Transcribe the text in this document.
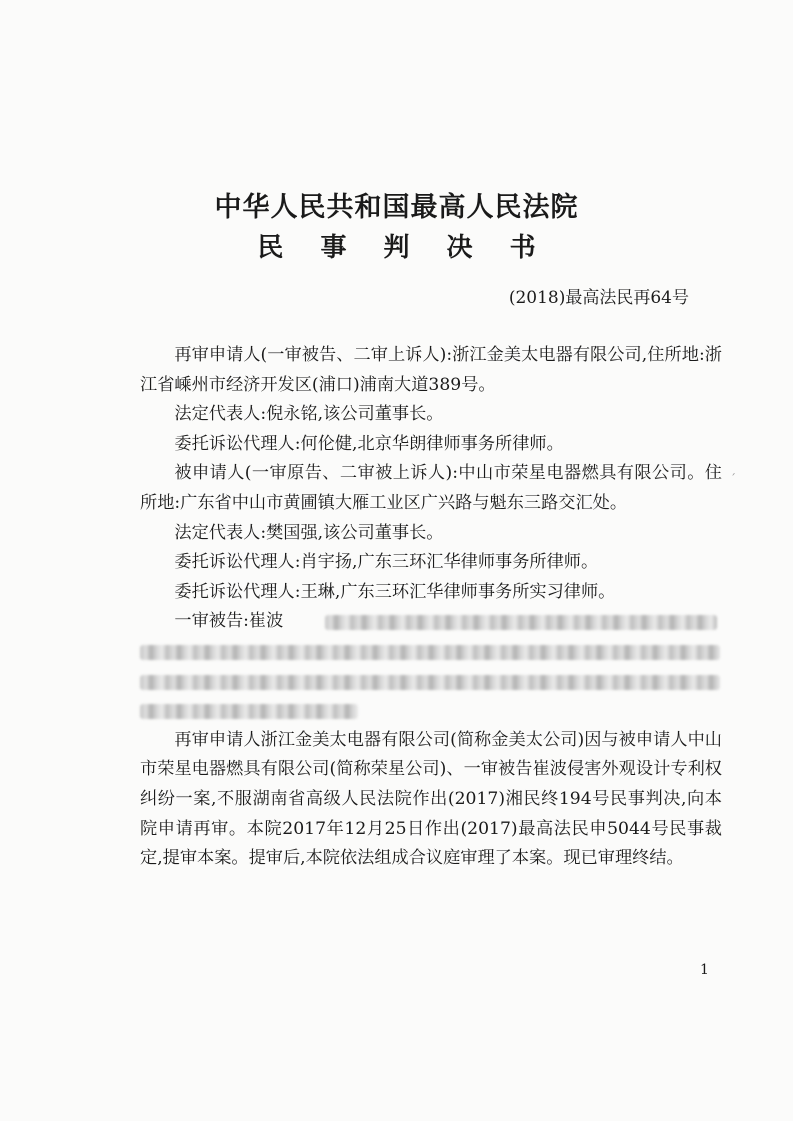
中华人民共和国最高人民法院
民 事 判 决 书
(2018)最高法民再64号

再审申请人(一审被告、二审上诉人):浙江金美太电器有限公司,住所地:浙江省嵊州市经济开发区(浦口)浦南大道389号。

法定代表人:倪永铭,该公司董事长。

委托诉讼代理人:何伦健,北京华朗律师事务所律师。

被申请人(一审原告、二审被上诉人):中山市荣星电器燃具有限公司。住所地:广东省中山市黄圃镇大雁工业区广兴路与魁东三路交汇处。

法定代表人:樊国强,该公司董事长。

委托诉讼代理人:肖宇扬,广东三环汇华律师事务所律师。

委托诉讼代理人:王琳,广东三环汇华律师事务所实习律师。

一审被告:崔波

再审申请人浙江金美太电器有限公司(简称金美太公司)因与被申请人中山市荣星电器燃具有限公司(简称荣星公司)、一审被告崔波侵害外观设计专利权纠纷一案,不服湖南省高级人民法院作出(2017)湘民终194号民事判决,向本院申请再审。本院2017年12月25日作出(2017)最高法民申5044号民事裁定,提审本案。提审后,本院依法组成合议庭审理了本案。现已审理终结。

ˊ
1
